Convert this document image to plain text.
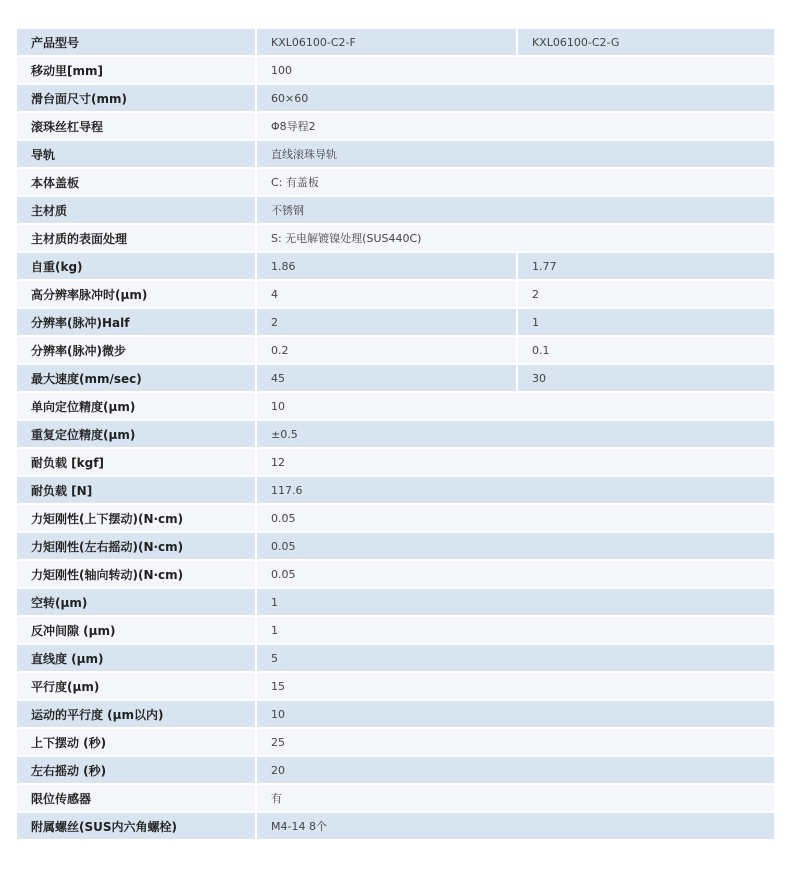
产品型号	KXL06100-C2-F	KXL06100-C2-G
移动里[mm]	100	
滑台面尺寸(mm)	60×60	
滚珠丝杠导程	Φ8导程2	
导轨	直线滚珠导轨	
本体盖板	C: 有盖板	
主材质	不锈钢	
主材质的表面处理	S: 无电解镀镍处理(SUS440C)	
自重(kg)	1.86	1.77
高分辨率脉冲时(μm)	4	2
分辨率(脉冲)Half	2	1
分辨率(脉冲)微步	0.2	0.1
最大速度(mm/sec)	45	30
单向定位精度(μm)	10	
重复定位精度(μm)	±0.5	
耐负载 [kgf]	12	
耐负载 [N]	117.6	
力矩刚性(上下摆动)(N·cm)	0.05	
力矩刚性(左右摇动)(N·cm)	0.05	
力矩刚性(轴向转动)(N·cm)	0.05	
空转(μm)	1	
反冲间隙 (μm)	1	
直线度 (μm)	5	
平行度(μm)	15	
运动的平行度 (μm以内)	10	
上下摆动 (秒)	25	
左右摇动 (秒)	20	
限位传感器	有	
附属螺丝(SUS内六角螺栓)	M4-14 8个	
